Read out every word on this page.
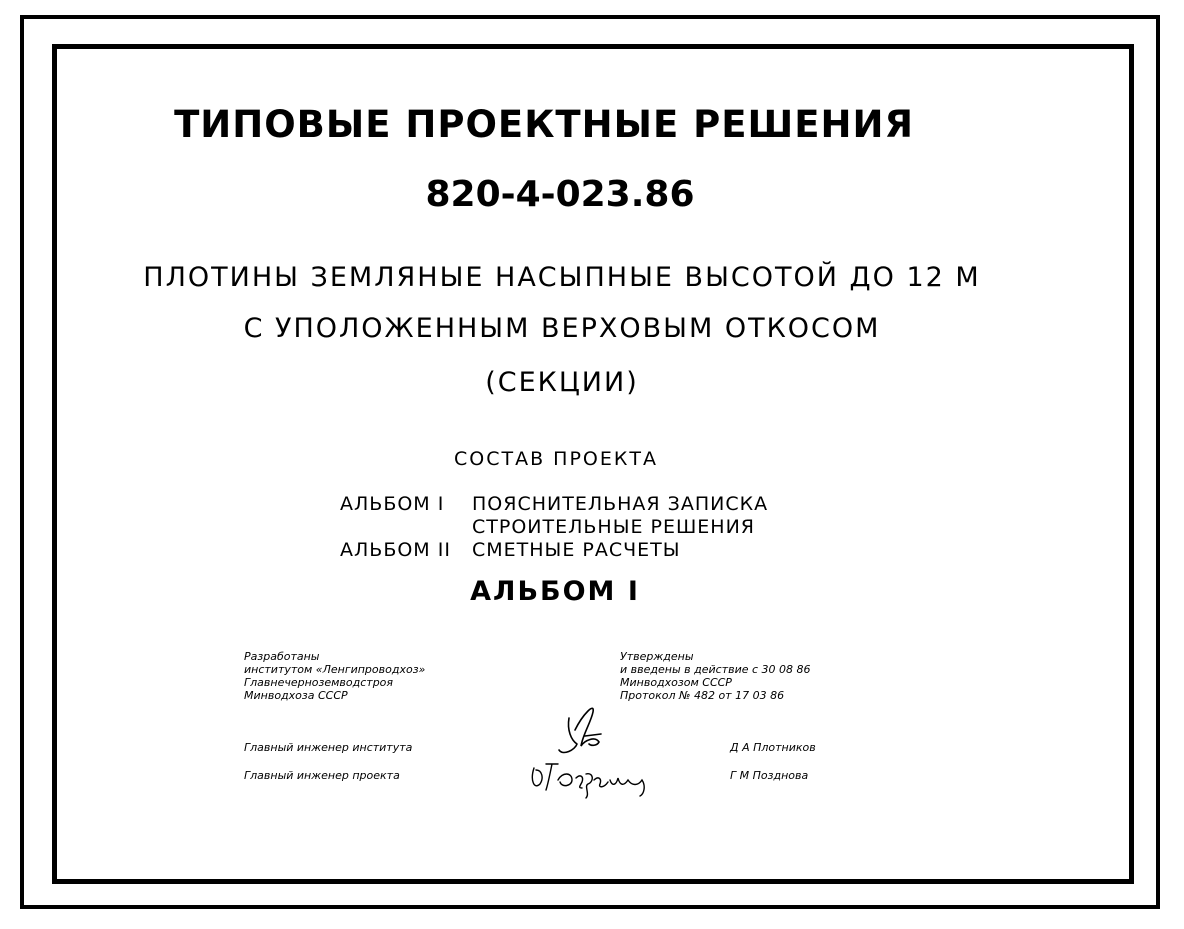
ТИПОВЫЕ ПРОЕКТНЫЕ РЕШЕНИЯ
820-4-023.86
ПЛОТИНЫ ЗЕМЛЯНЫЕ НАСЫПНЫЕ ВЫСОТОЙ ДО 12 М
С УПОЛОЖЕННЫМ ВЕРХОВЫМ ОТКОСОМ
(СЕКЦИИ)
СОСТАВ ПРОЕКТА
АЛЬБОМ I ПОЯСНИТЕЛЬНАЯ ЗАПИСКА
СТРОИТЕЛЬНЫЕ РЕШЕНИЯ
АЛЬБОМ II СМЕТНЫЕ РАСЧЕТЫ
АЛЬБОМ I
Разработаны
институтом «Ленгипроводхоз»
Главнечерноземводстроя
Минводхоза СССР
Утверждены
и введены в действие с 30 08 86
Минводхозом СССР
Протокол № 482 от 17 03 86
Главный инженер института	Д А Плотников
Главный инженер проекта	Г М Позднова
